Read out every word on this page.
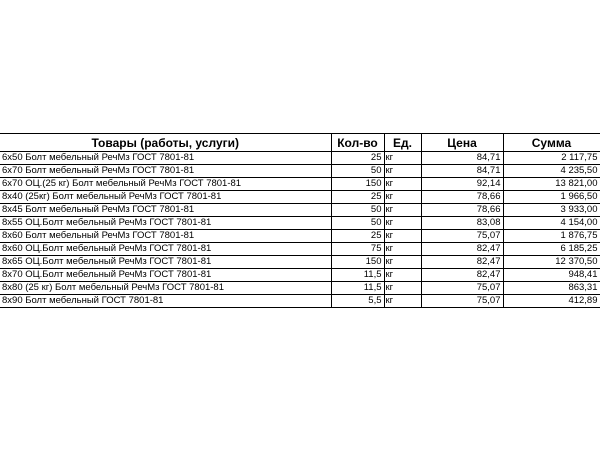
Товары (работы, услуги)	Кол-во	Ед.	Цена	Сумма
6х50 Болт мебельный РечМз ГОСТ 7801-81	25	кг	84,71	2 117,75
6х70 Болт мебельный РечМз ГОСТ 7801-81	50	кг	84,71	4 235,50
6х70 ОЦ.(25 кг) Болт мебельный РечМз ГОСТ 7801-81	150	кг	92,14	13 821,00
8х40 (25кг) Болт мебельный РечМз ГОСТ 7801-81	25	кг	78,66	1 966,50
8х45 Болт мебельный РечМз ГОСТ 7801-81	50	кг	78,66	3 933,00
8х55 ОЦ.Болт мебельный РечМз ГОСТ 7801-81	50	кг	83,08	4 154,00
8х60 Болт мебельный РечМз ГОСТ 7801-81	25	кг	75,07	1 876,75
8х60 ОЦ.Болт мебельный РечМз ГОСТ 7801-81	75	кг	82,47	6 185,25
8х65 ОЦ.Болт мебельный РечМз ГОСТ 7801-81	150	кг	82,47	12 370,50
8х70 ОЦ.Болт мебельный РечМз ГОСТ 7801-81	11,5	кг	82,47	948,41
8х80 (25 кг) Болт мебельный РечМз ГОСТ 7801-81	11,5	кг	75,07	863,31
8х90 Болт мебельный ГОСТ 7801-81	5,5	кг	75,07	412,89
